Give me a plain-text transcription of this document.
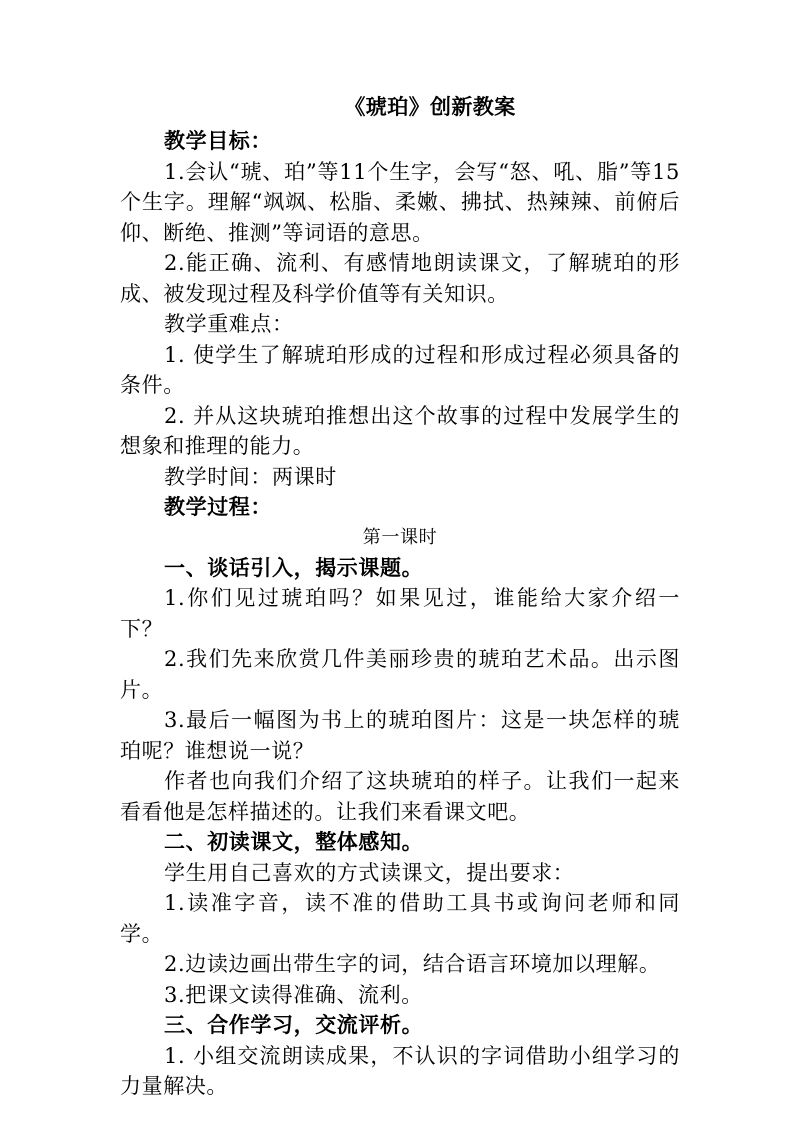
《琥珀》创新教案

教学目标：

1.会认“琥、珀”等11个生字，会写“怒、吼、脂”等15个生字。理解“飒飒、松脂、柔嫩、拂拭、热辣辣、前俯后仰、断绝、推测”等词语的意思。

2.能正确、流利、有感情地朗读课文，了解琥珀的形成、被发现过程及科学价值等有关知识。

教学重难点：

1. 使学生了解琥珀形成的过程和形成过程必须具备的条件。

2. 并从这块琥珀推想出这个故事的过程中发展学生的想象和推理的能力。

教学时间：两课时

教学过程：

第一课时

一、谈话引入，揭示课题。

1.你们见过琥珀吗？如果见过，谁能给大家介绍一下？

2.我们先来欣赏几件美丽珍贵的琥珀艺术品。出示图片。

3.最后一幅图为书上的琥珀图片：这是一块怎样的琥珀呢？谁想说一说？

作者也向我们介绍了这块琥珀的样子。让我们一起来看看他是怎样描述的。让我们来看课文吧。

二、初读课文，整体感知。

学生用自己喜欢的方式读课文，提出要求：

1.读准字音，读不准的借助工具书或询问老师和同学。

2.边读边画出带生字的词，结合语言环境加以理解。

3.把课文读得准确、流利。

三、合作学习，交流评析。

1. 小组交流朗读成果，不认识的字词借助小组学习的力量解决。
